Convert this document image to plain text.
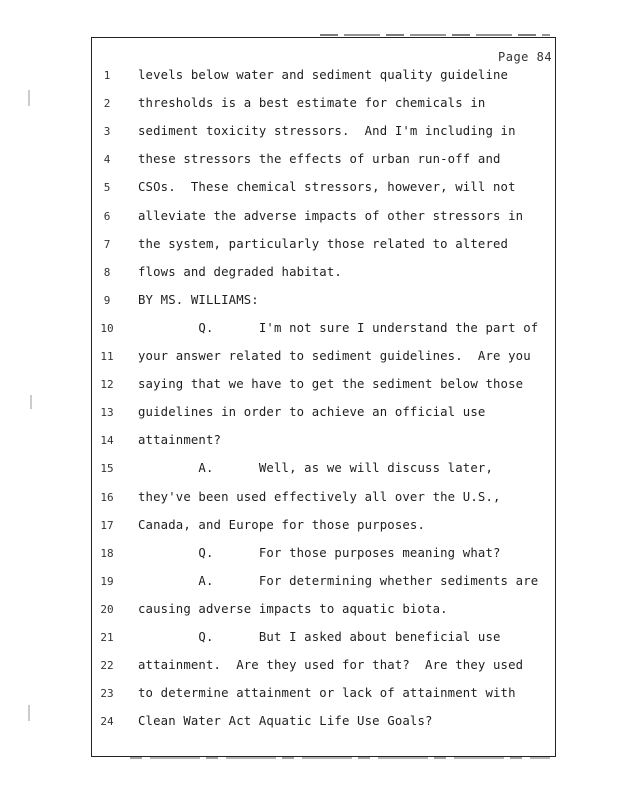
Page 84
1	levels below water and sediment quality guideline
2	thresholds is a best estimate for chemicals in
3	sediment toxicity stressors.  And I'm including in
4	these stressors the effects of urban run-off and
5	CSOs.  These chemical stressors, however, will not
6	alleviate the adverse impacts of other stressors in
7	the system, particularly those related to altered
8	flows and degraded habitat.
9	BY MS. WILLIAMS:
10	Q.      I'm not sure I understand the part of
11	your answer related to sediment guidelines.  Are you
12	saying that we have to get the sediment below those
13	guidelines in order to achieve an official use
14	attainment?
15	A.      Well, as we will discuss later,
16	they've been used effectively all over the U.S.,
17	Canada, and Europe for those purposes.
18	Q.      For those purposes meaning what?
19	A.      For determining whether sediments are
20	causing adverse impacts to aquatic biota.
21	Q.      But I asked about beneficial use
22	attainment.  Are they used for that?  Are they used
23	to determine attainment or lack of attainment with
24	Clean Water Act Aquatic Life Use Goals?
